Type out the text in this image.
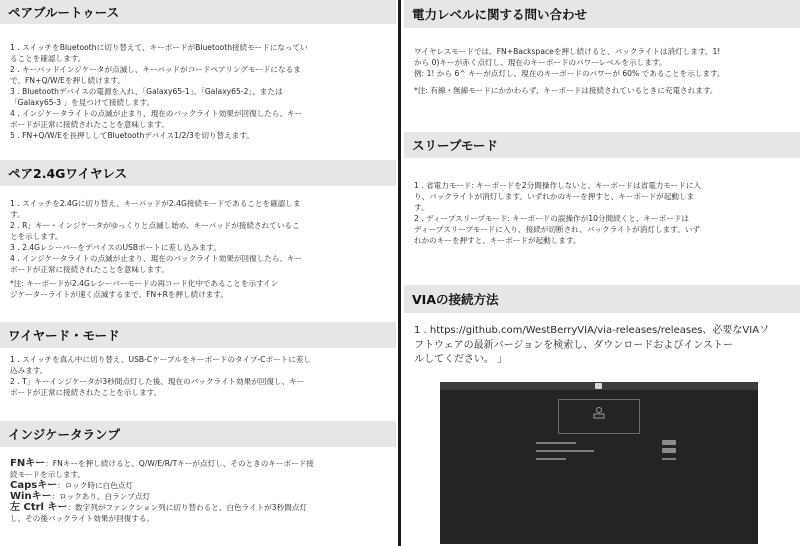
ペアブルートゥース

1 . スイッチをBluetoothに切り替えて、キーボードがBluetooth接続モードになってい

ることを確認します。

2 . キーパッドインジケータが点滅し、キーパッドがコードペアリングモードになるま

で、FN+Q/W/Eを押し続けます。

3 . Bluetoothデバイスの電源を入れ、「Galaxy65-1」、「Galaxy65-2」、または

「Galaxy65-3 」を見つけて接続します。

4 . インジケータライトの点滅が止まり、現在のバックライト効果が回復したら、キー

ボードが正常に接続されたことを意味します。

5 . FN+Q/W/Eを長押ししてBluetoothデバイス1/2/3を切り替えます。

ペア2.4Gワイヤレス

1 . スイッチを2.4Gに切り替え、キーパッドが2.4G接続モードであることを確認しま

す。

2 . R」キー・インジケータがゆっくりと点滅し始め、キーパッドが接続されているこ

とを示します。

3 . 2.4GレシーバーをデバイスのUSBポートに差し込みます。

4 . インジケータライトの点滅が止まり、現在のバックライト効果が回復したら、キー

ボードが正常に接続されたことを意味します。

*注: キーボードが2.4Gレシーバーモードの再コード化中であることを示すイン

ジケーターライトが速く点滅するまで、FN+Rを押し続けます。

ワイヤード・モード

1 . スイッチを真ん中に切り替え、USB-Cケーブルをキーボードのタイプ-Cポートに差し

込みます。

2 . T」キーインジケータが3秒間点灯した後、現在のバックライト効果が回復し、キー

ボードが正常に接続されたことを示します。

インジケータランプ

FNキー：FNキーを押し続けると、Q/W/E/R/Tキーが点灯し、そのときのキーボード接

続モードを示します。

Capsキー：ロック時に白色点灯

Winキー：ロックあり、白ランプ点灯

左 Ctrl キー：数字列がファンクション列に切り替わると、白色ライトが3秒間点灯

し、その後バックライト効果が回復する。

電力レベルに関する問い合わせ

ワイヤレスモードでは、FN+Backspaceを押し続けると、バックライトは消灯します。1!

から 0)キーが赤く点灯し、現在のキーボードのパワーレベルを示します。

例: 1! から 6^ キーが点灯し、現在のキーボードのパワーが 60% であることを示します。

*注: 有線・無線モードにかかわらず、キーボードは接続されているときに充電されます。

スリープモード

1 . 省電力モード: キーボードを2分間操作しないと、キーボードは省電力モードに入

り、バックライトが消灯します。いずれかのキーを押すと、キーボードが起動しま

す。

2 . ディープスリープモード: キーボードの誤操作が10分間続くと、キーボードは

ディープスリープモードに入り、接続が切断され、バックライトが消灯します。いず

れかのキーを押すと、キーボードが起動します。

VIAの接続方法

1 . https://github.com/WestBerryVIA/via-releases/releases、必要なVIAソ

フトウェアの最新バージョンを検索し、ダウンロードおよびインストー

ルしてください。 」
